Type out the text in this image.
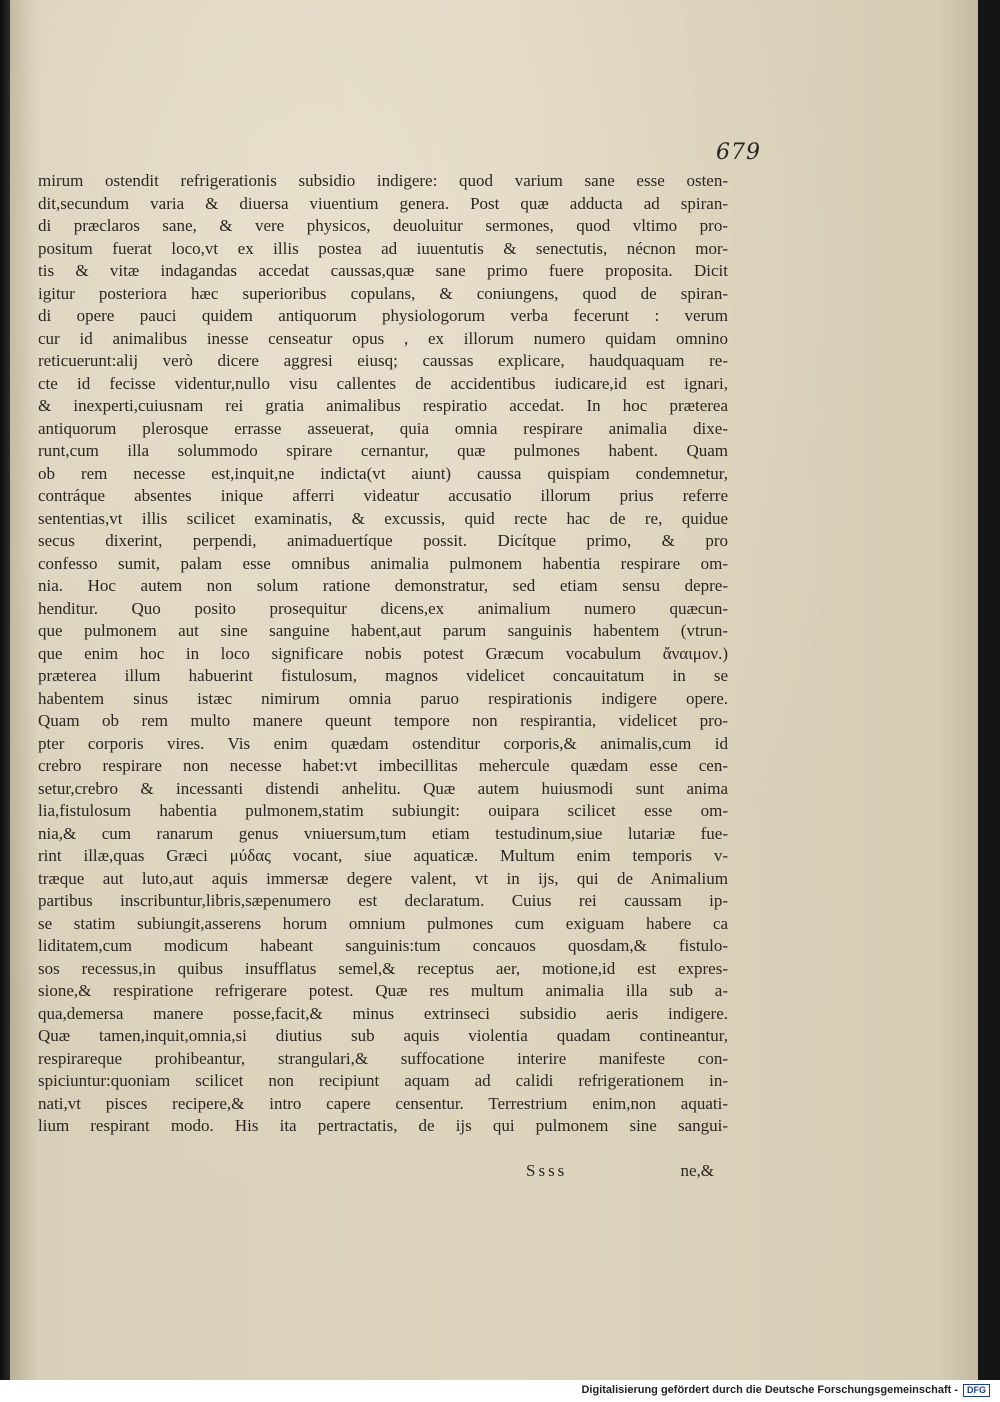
679
mirum ostendit refrigerationis subsidio indigere: quod varium sane esse osten-
dit,secundum varia & diuersa viuentium genera. Post quæ adducta ad spiran-
di præclaros sane, & vere physicos, deuoluitur sermones, quod vltimo pro-
positum fuerat loco,vt ex illis postea ad iuuentutis & senectutis, nécnon mor-
tis & vitæ indagandas accedat caussas,quæ sane primo fuere proposita. Dicit
igitur posteriora hæc superioribus copulans, & coniungens, quod de spiran-
di opere pauci quidem antiquorum physiologorum verba fecerunt : verum
cur id animalibus inesse censeatur opus , ex illorum numero quidam omnino
reticuerunt:alij verò dicere aggresi eiusq; caussas explicare, haudquaquam re-
cte id fecisse videntur,nullo visu callentes de accidentibus iudicare,id est ignari,
& inexperti,cuiusnam rei gratia animalibus respiratio accedat. In hoc præterea
antiquorum plerosque errasse asseuerat, quia omnia respirare animalia dixe-
runt,cum illa solummodo spirare cernantur, quæ pulmones habent. Quam
ob rem necesse est,inquit,ne indicta(vt aiunt) caussa quispiam condemnetur,
contráque absentes inique afferri videatur accusatio illorum prius referre
sententias,vt illis scilicet examinatis, & excussis, quid recte hac de re, quidue
secus dixerint, perpendi, animaduertíque possit. Dicítque primo, & pro
confesso sumit, palam esse omnibus animalia pulmonem habentia respirare om-
nia. Hoc autem non solum ratione demonstratur, sed etiam sensu depre-
henditur. Quo posito prosequitur dicens,ex animalium numero quæcun-
que pulmonem aut sine sanguine habent,aut parum sanguinis habentem (vtrun-
que enim hoc in loco significare nobis potest Græcum vocabulum ἄναιμον.)
præterea illum habuerint fistulosum, magnos videlicet concauitatum in se
habentem sinus istæc nimirum omnia paruo respirationis indigere opere.
Quam ob rem multo manere queunt tempore non respirantia, videlicet pro-
pter corporis vires. Vis enim quædam ostenditur corporis,& animalis,cum id
crebro respirare non necesse habet:vt imbecillitas mehercule quædam esse cen-
setur,crebro & incessanti distendi anhelitu. Quæ autem huiusmodi sunt anima
lia,fistulosum habentia pulmonem,statim subiungit: ouipara scilicet esse om-
nia,& cum ranarum genus vniuersum,tum etiam testudinum,siue lutariæ fue-
rint illæ,quas Græci μύδας vocant, siue aquaticæ. Multum enim temporis v-
træque aut luto,aut aquis immersæ degere valent, vt in ijs, qui de Animalium
partibus inscribuntur,libris,sæpenumero est declaratum. Cuius rei caussam ip-
se statim subiungit,asserens horum omnium pulmones cum exiguam habere ca
liditatem,cum modicum habeant sanguinis:tum concauos quosdam,& fistulo-
sos recessus,in quibus insufflatus semel,& receptus aer, motione,id est expres-
sione,& respiratione refrigerare potest. Quæ res multum animalia illa sub a-
qua,demersa manere posse,facit,& minus extrinseci subsidio aeris indigere.
Quæ tamen,inquit,omnia,si diutius sub aquis violentia quadam contineantur,
respirareque prohibeantur, strangulari,& suffocatione interire manifeste con-
spiciuntur:quoniam scilicet non recipiunt aquam ad calidi refrigerationem in-
nati,vt pisces recipere,& intro capere censentur. Terrestrium enim,non aquati-
lium respirant modo. His ita pertractatis, de ijs qui pulmonem sine sangui-
Ssss	ne,&
Digitalisierung gefördert durch die Deutsche Forschungsgemeinschaft -	DFG
